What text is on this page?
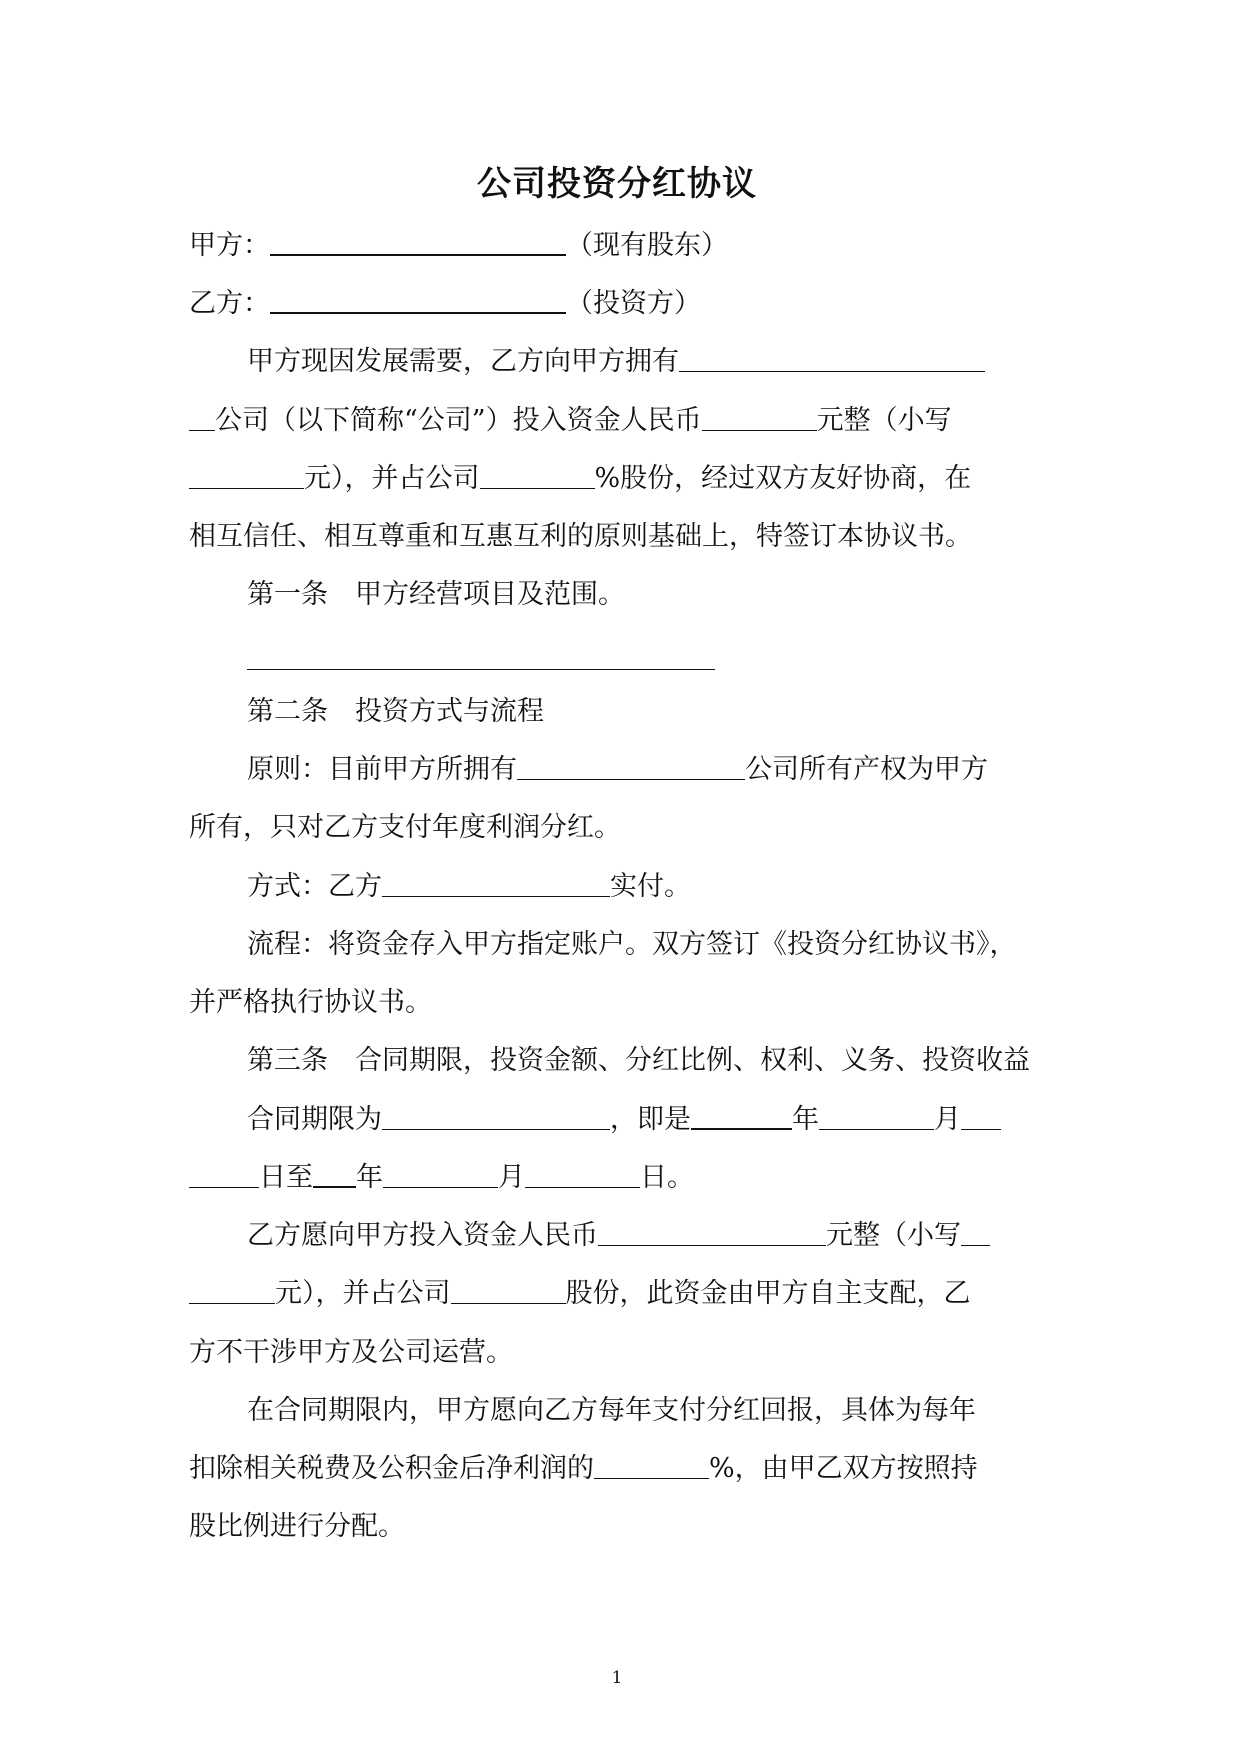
公司投资分红协议
甲方：	（现有股东）
乙方：	（投资方）
甲方现因发展需要，乙方向甲方拥有
公司（以下简称“公司”）投入资金人民币	元整（小写
元），并占公司	%股份，经过双方友好协商，在
相互信任、相互尊重和互惠互利的原则基础上，特签订本协议书。
第一条　甲方经营项目及范围。
第二条　投资方式与流程
原则：目前甲方所拥有	公司所有产权为甲方
所有，只对乙方支付年度利润分红。
方式：乙方	实付。
流程：将资金存入甲方指定账户。双方签订《投资分红协议书》，
并严格执行协议书。
第三条　合同期限，投资金额、分红比例、权利、义务、投资收益
合同期限为	，即是	年	月
日至 年	月	日。
乙方愿向甲方投入资金人民币	元整（小写
元），并占公司	股份，此资金由甲方自主支配，乙
方不干涉甲方及公司运营。
在合同期限内，甲方愿向乙方每年支付分红回报，具体为每年
扣除相关税费及公积金后净利润的	%，由甲乙双方按照持
股比例进行分配。
1
